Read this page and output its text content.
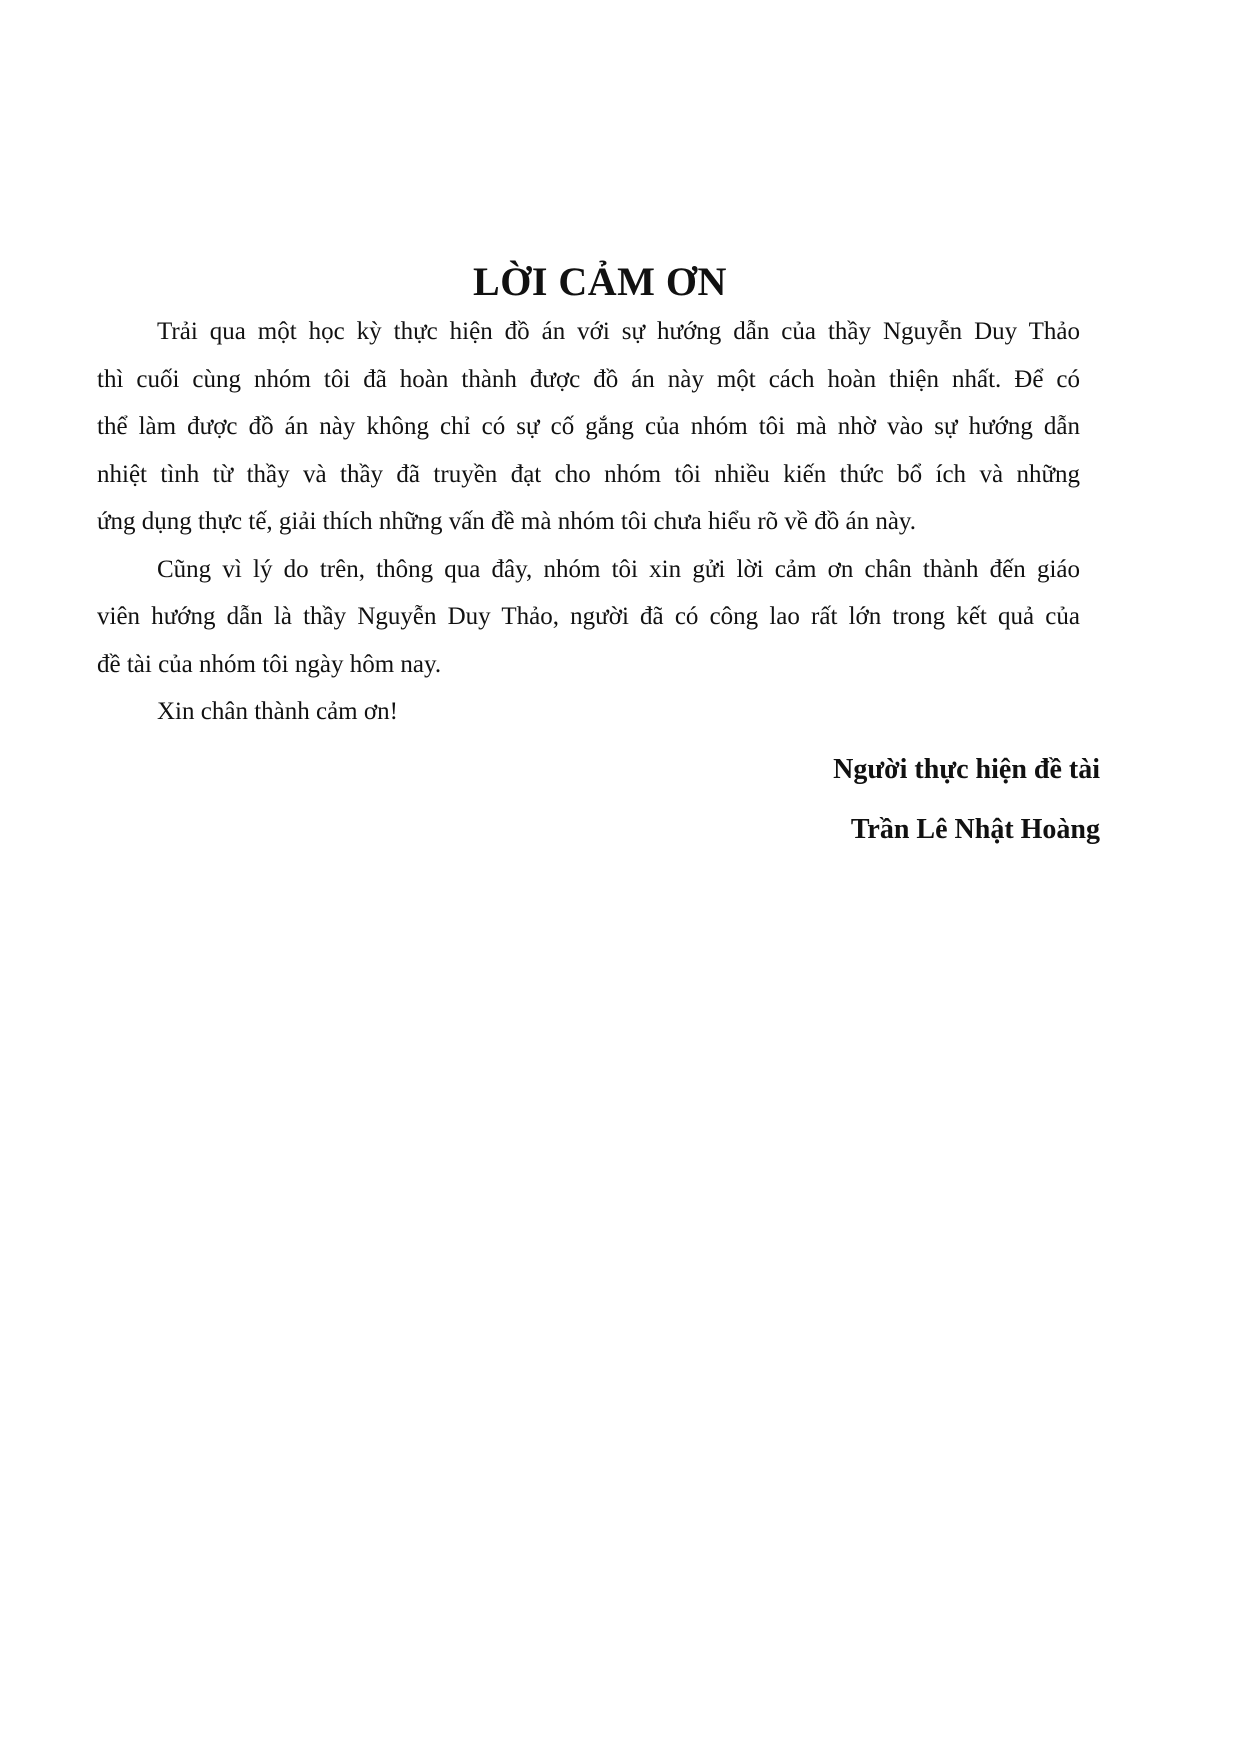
LỜI CẢM ƠN
Trải qua một học kỳ thực hiện đồ án với sự hướng dẫn của thầy Nguyễn Duy Thảo
thì cuối cùng nhóm tôi đã hoàn thành được đồ án này một cách hoàn thiện nhất. Để có
thể làm được đồ án này không chỉ có sự cố gắng của nhóm tôi mà nhờ vào sự hướng dẫn
nhiệt tình từ thầy và thầy đã truyền đạt cho nhóm tôi nhiều kiến thức bổ ích và những
ứng dụng thực tế, giải thích những vấn đề mà nhóm tôi chưa hiểu rõ về đồ án này.
Cũng vì lý do trên, thông qua đây, nhóm tôi xin gửi lời cảm ơn chân thành đến giáo
viên hướng dẫn là thầy Nguyễn Duy Thảo, người đã có công lao rất lớn trong kết quả của
đề tài của nhóm tôi ngày hôm nay.
Xin chân thành cảm ơn!
Người thực hiện đề tài
Trần Lê Nhật Hoàng
